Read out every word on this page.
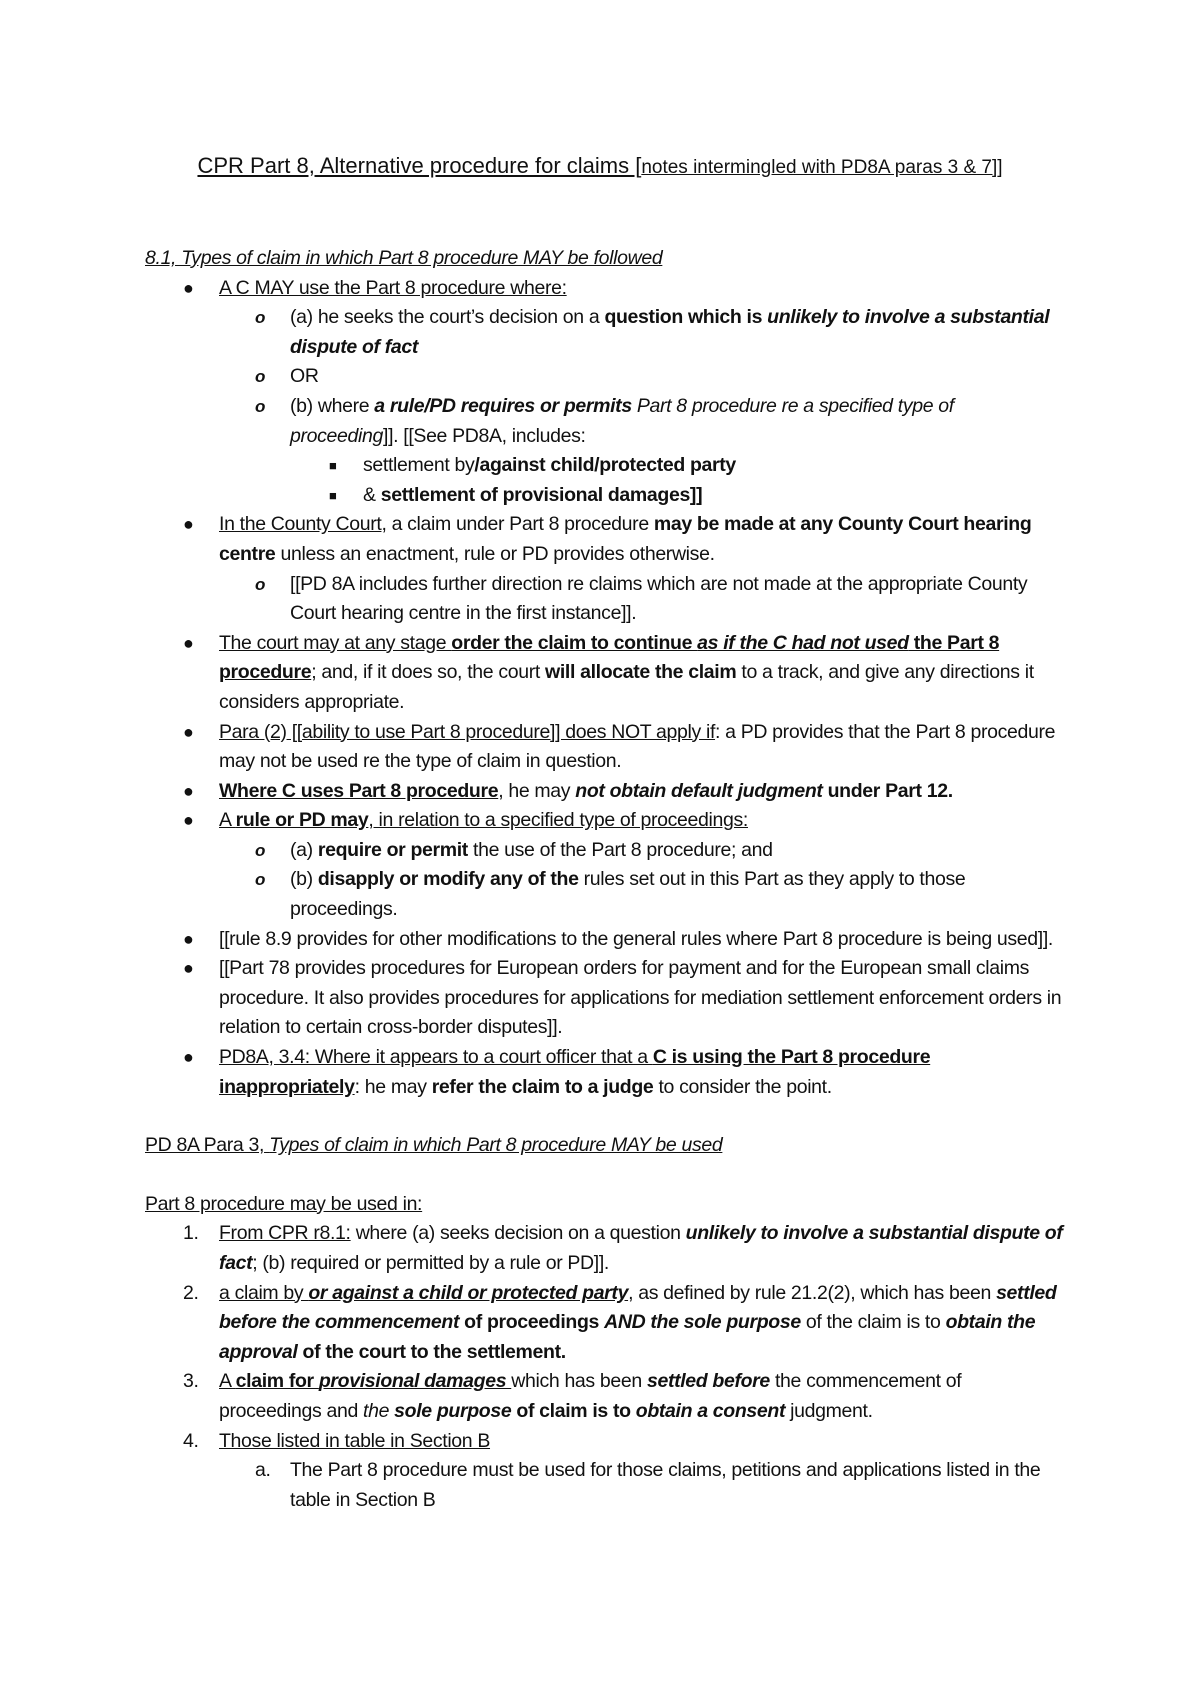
CPR Part 8, Alternative procedure for claims [notes intermingled with PD8A paras 3 & 7]]

8.1, Types of claim in which Part 8 procedure MAY be followed

● A C MAY use the Part 8 procedure where:
o (a) he seeks the court’s decision on a question which is unlikely to involve a substantial dispute of fact
o OR
o (b) where a rule/PD requires or permits Part 8 procedure re a specified type of proceeding]]. [[See PD8A, includes:
■ settlement by/against child/protected party
■ & settlement of provisional damages]]
● In the County Court, a claim under Part 8 procedure may be made at any County Court hearing centre unless an enactment, rule or PD provides otherwise.
o [[PD 8A includes further direction re claims which are not made at the appropriate County Court hearing centre in the first instance]].
● The court may at any stage order the claim to continue as if the C had not used the Part 8 procedure; and, if it does so, the court will allocate the claim to a track, and give any directions it considers appropriate.
● Para (2) [[ability to use Part 8 procedure]] does NOT apply if: a PD provides that the Part 8 procedure may not be used re the type of claim in question.
● Where C uses Part 8 procedure, he may not obtain default judgment under Part 12.
● A rule or PD may, in relation to a specified type of proceedings:
o (a) require or permit the use of the Part 8 procedure; and
o (b) disapply or modify any of the rules set out in this Part as they apply to those proceedings.
● [[rule 8.9 provides for other modifications to the general rules where Part 8 procedure is being used]].
● [[Part 78 provides procedures for European orders for payment and for the European small claims procedure. It also provides procedures for applications for mediation settlement enforcement orders in relation to certain cross-border disputes]].
● PD8A, 3.4: Where it appears to a court officer that a C is using the Part 8 procedure inappropriately: he may refer the claim to a judge to consider the point.

PD 8A Para 3, Types of claim in which Part 8 procedure MAY be used

Part 8 procedure may be used in:

1. From CPR r8.1: where (a) seeks decision on a question unlikely to involve a substantial dispute of fact; (b) required or permitted by a rule or PD]].
2. a claim by or against a child or protected party, as defined by rule 21.2(2), which has been settled before the commencement of proceedings AND the sole purpose of the claim is to obtain the approval of the court to the settlement.
3. A claim for provisional damages which has been settled before the commencement of proceedings and the sole purpose of claim is to obtain a consent judgment.
4. Those listed in table in Section B
a. The Part 8 procedure must be used for those claims, petitions and applications listed in the table in Section B
